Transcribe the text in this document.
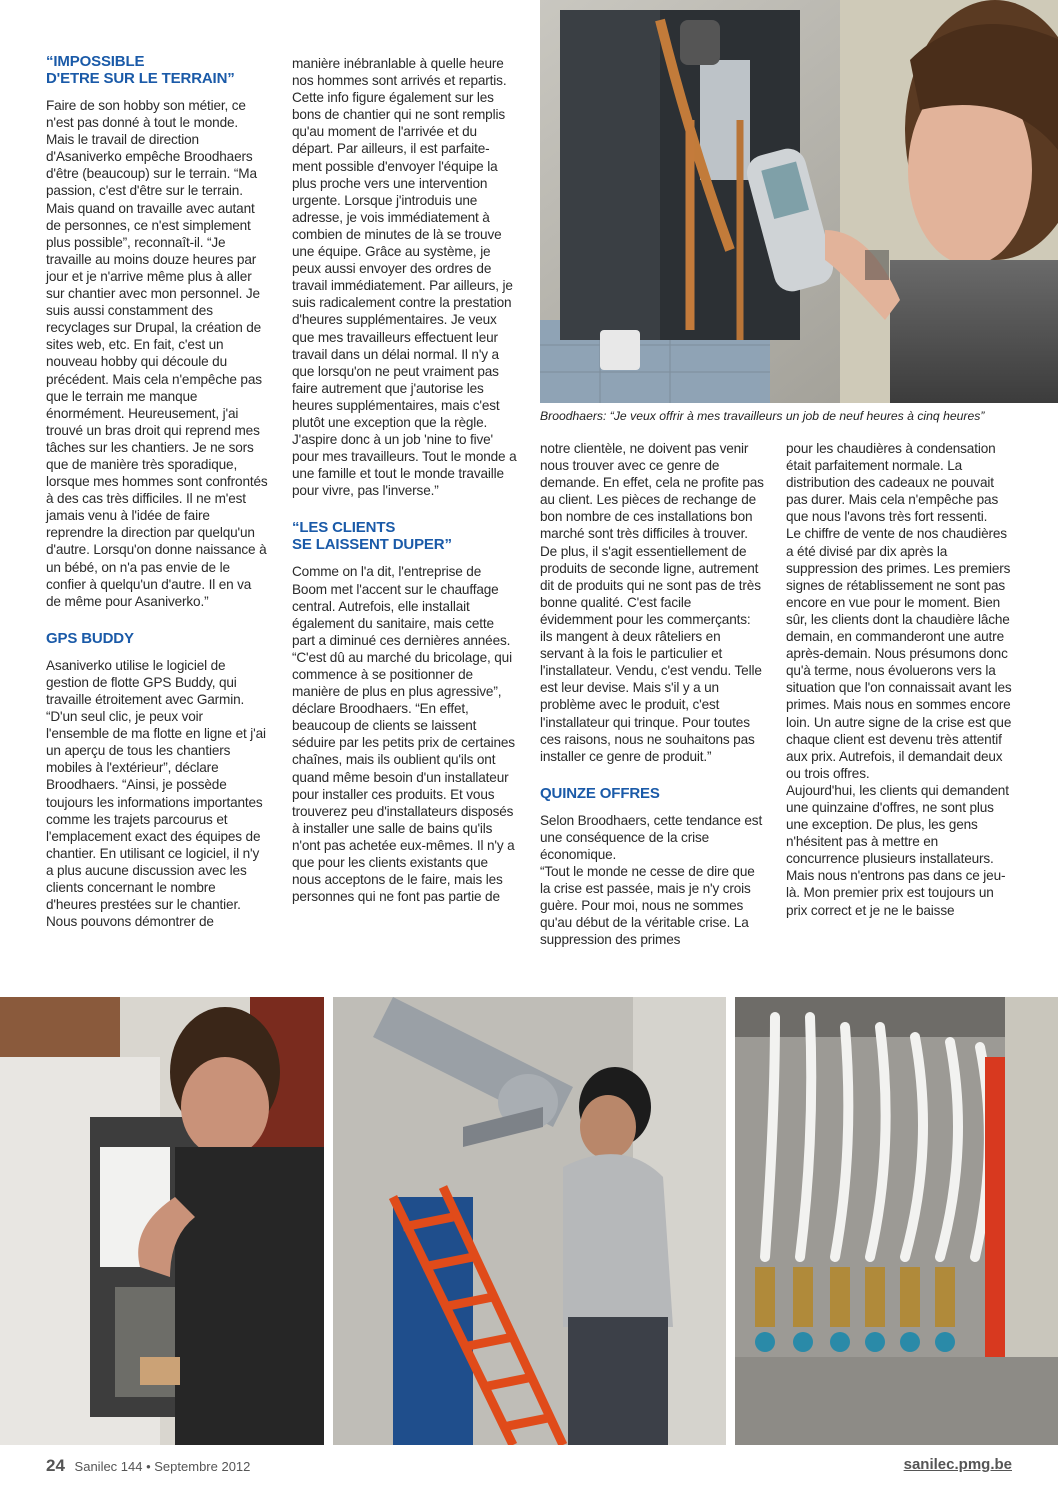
“IMPOSSIBLE
D'ETRE SUR LE TERRAIN”

Faire de son hobby son métier, ce n'est pas donné à tout le monde. Mais le travail de direction d'Asaniverko empêche Broodhaers d'être (beaucoup) sur le terrain. “Ma passion, c'est d'être sur le terrain. Mais quand on travaille avec autant de personnes, ce n'est simplement plus possible”, reconnaît-il. “Je travaille au moins douze heures par jour et je n'arrive même plus à aller sur chantier avec mon personnel. Je suis aussi constamment des recyclages sur Drupal, la création de sites web, etc. En fait, c'est un nouveau hobby qui découle du précédent. Mais cela n'empêche pas que le terrain me manque énormément. Heureusement, j'ai trouvé un bras droit qui reprend mes tâches sur les chantiers. Je ne sors que de manière très sporadique, lorsque mes hommes sont confrontés à des cas très difficiles. Il ne m'est jamais venu à l'idée de faire reprendre la direction par quelqu'un d'autre. Lorsqu'on donne naissance à un bébé, on n'a pas envie de le confier à quelqu'un d'autre. Il en va de même pour Asaniverko.”

GPS BUDDY

Asaniverko utilise le logiciel de gestion de flotte GPS Buddy, qui travaille étroitement avec Garmin. “D'un seul clic, je peux voir l'ensemble de ma flotte en ligne et j'ai un aperçu de tous les chantiers mobiles à l'extérieur”, déclare Broodhaers. “Ainsi, je possède toujours les informations importantes comme les trajets parcourus et l'emplacement exact des équipes de chantier. En utilisant ce logiciel, il n'y a plus aucune discussion avec les clients concernant le nombre d'heures prestées sur le chantier. Nous pouvons démontrer de

manière inébranlable à quelle heure nos hommes sont arrivés et repartis. Cette info figure également sur les bons de chantier qui ne sont remplis qu'au moment de l'arrivée et du départ. Par ailleurs, il est parfaite-ment possible d'envoyer l'équipe la plus proche vers une intervention urgente. Lorsque j'introduis une adresse, je vois immédiatement à combien de minutes de là se trouve une équipe. Grâce au système, je peux aussi envoyer des ordres de travail immédiatement. Par ailleurs, je suis radicalement contre la prestation d'heures supplémentaires. Je veux que mes travailleurs effectuent leur travail dans un délai normal. Il n'y a que lorsqu'on ne peut vraiment pas faire autrement que j'autorise les heures supplémentaires, mais c'est plutôt une exception que la règle. J'aspire donc à un job 'nine to five' pour mes travailleurs. Tout le monde a une famille et tout le monde travaille pour vivre, pas l'inverse.”

“LES CLIENTS
SE LAISSENT DUPER”

Comme on l'a dit, l'entreprise de Boom met l'accent sur le chauffage central. Autrefois, elle installait également du sanitaire, mais cette part a diminué ces dernières années.

“C'est dû au marché du bricolage, qui commence à se positionner de manière de plus en plus agressive”, déclare Broodhaers. “En effet, beaucoup de clients se laissent séduire par les petits prix de certaines chaînes, mais ils oublient qu'ils ont quand même besoin d'un installateur pour installer ces produits. Et vous trouverez peu d'installateurs disposés à installer une salle de bains qu'ils n'ont pas achetée eux-mêmes. Il n'y a que pour les clients existants que nous acceptons de le faire, mais les personnes qui ne font pas partie de

Broodhaers: “Je veux offrir à mes travailleurs un job de neuf heures à cinq heures”

notre clientèle, ne doivent pas venir nous trouver avec ce genre de demande. En effet, cela ne profite pas au client. Les pièces de rechange de bon nombre de ces installations bon marché sont très difficiles à trouver. De plus, il s'agit essentiellement de produits de seconde ligne, autrement dit de produits qui ne sont pas de très bonne qualité. C'est facile évidemment pour les commerçants: ils mangent à deux râteliers en servant à la fois le particulier et l'installateur. Vendu, c'est vendu. Telle est leur devise. Mais s'il y a un problème avec le produit, c'est l'installateur qui trinque. Pour toutes ces raisons, nous ne souhaitons pas installer ce genre de produit.”

QUINZE OFFRES

Selon Broodhaers, cette tendance est une conséquence de la crise économique.

“Tout le monde ne cesse de dire que la crise est passée, mais je n'y crois guère. Pour moi, nous ne sommes qu'au début de la véritable crise. La suppression des primes

pour les chaudières à condensation était parfaitement normale. La distribution des cadeaux ne pouvait pas durer. Mais cela n'empêche pas que nous l'avons très fort ressenti.

Le chiffre de vente de nos chaudières a été divisé par dix après la suppression des primes. Les premiers signes de rétablissement ne sont pas encore en vue pour le moment. Bien sûr, les clients dont la chaudière lâche demain, en commanderont une autre après-demain. Nous présumons donc qu'à terme, nous évoluerons vers la situation que l'on connaissait avant les primes. Mais nous en sommes encore loin. Un autre signe de la crise est que chaque client est devenu très attentif aux prix. Autrefois, il demandait deux ou trois offres.

Aujourd'hui, les clients qui demandent une quinzaine d'offres, ne sont plus une exception. De plus, les gens n'hésitent pas à mettre en concurrence plusieurs installateurs. Mais nous n'entrons pas dans ce jeu-là. Mon premier prix est toujours un prix correct et je ne le baisse

24 Sanilec 144 • Septembre 2012	sanilec.pmg.be
